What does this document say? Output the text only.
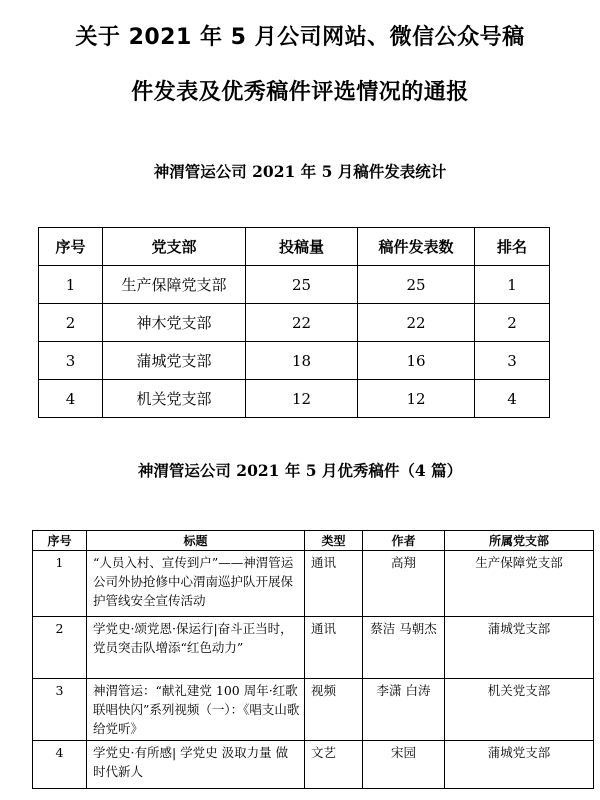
关于 2021 年 5 月公司网站、微信公众号稿
件发表及优秀稿件评选情况的通报
神渭管运公司 2021 年 5 月稿件发表统计
序号	党支部	投稿量	稿件发表数	排名
1	生产保障党支部	25	25	1
2	神木党支部	22	22	2
3	蒲城党支部	18	16	3
4	机关党支部	12	12	4
神渭管运公司 2021 年 5 月优秀稿件（4 篇）
序号	标题	类型	作者	所属党支部
1	“人员入村、宣传到户”——神渭管运公司外协抢修中心渭南巡护队开展保护管线安全宣传活动	通讯	高翔	生产保障党支部
2	学党史·颂党恩·保运行|奋斗正当时，党员突击队增添“红色动力”	通讯	蔡洁 马朝杰	蒲城党支部
3	神渭管运：“献礼建党 100 周年·红歌联唱快闪”系列视频（一）：《唱支山歌给党听》	视频	李潇 白涛	机关党支部
4	学党史·有所感| 学党史 汲取力量 做时代新人	文艺	宋园	蒲城党支部
